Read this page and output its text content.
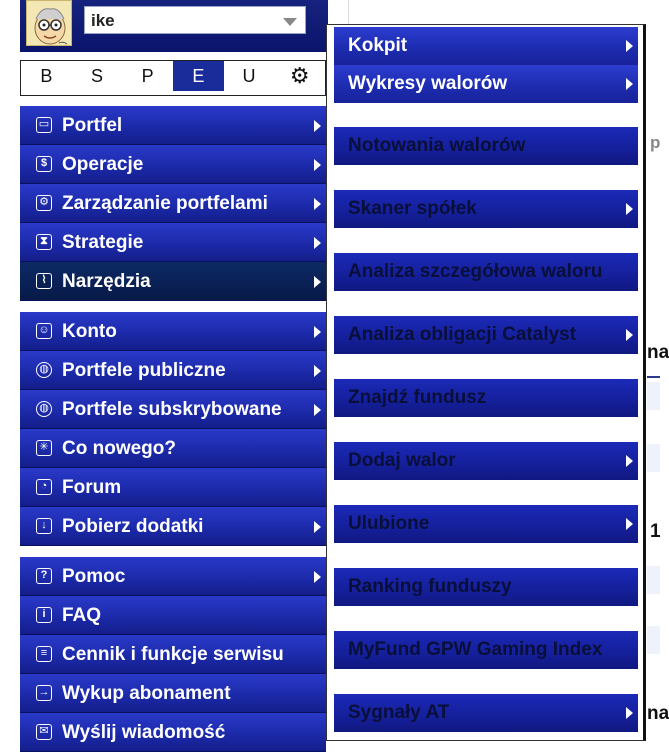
p
na
1
na
ike
B	S	P	E	U	⚙
▭ Portfel
$ Operacje
⚙ Zarządzanie portfelami
⧗ Strategie
⌇ Narzędzia
☺ Konto
◍ Portfele publiczne
◍ Portfele subskrybowane
✳ Co nowego?
◔ Forum
↓ Pobierz dodatki
? Pomoc
i FAQ
≡ Cennik i funkcje serwisu
→ Wykup abonament
✉ Wyślij wiadomość
Kokpit
Wykresy walorów
Notowania walorów
Skaner spółek
Analiza szczegółowa waloru
Analiza obligacji Catalyst
Znajdź fundusz
Dodaj walor
Ulubione
Ranking funduszy
MyFund GPW Gaming Index
Sygnały AT
